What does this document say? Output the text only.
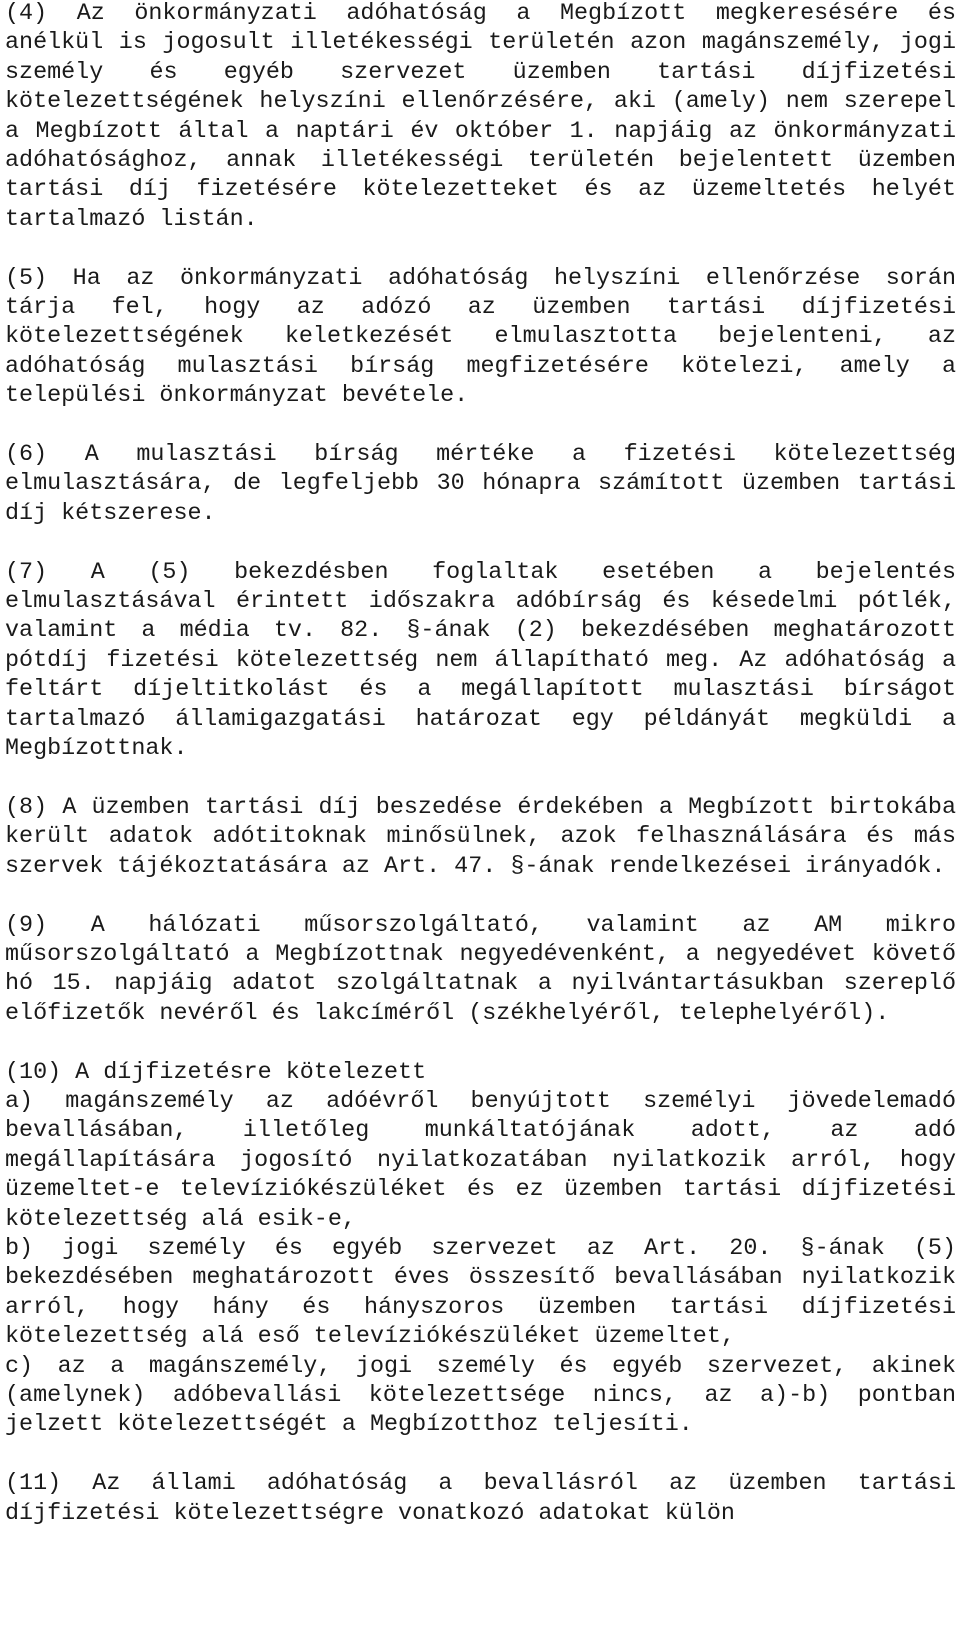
(4) Az önkormányzati adóhatóság a Megbízott megkeresésére és anélkül is jogosult illetékességi területén azon magánszemély, jogi személy és egyéb szervezet üzemben tartási díjfizetési kötelezettségének helyszíni ellenőrzésére, aki (amely) nem szerepel a Megbízott által a naptári év október 1. napjáig az önkormányzati adóhatósághoz, annak illetékességi területén bejelentett üzemben tartási díj fizetésére kötelezetteket és az üzemeltetés helyét tartalmazó listán.

(5) Ha az önkormányzati adóhatóság helyszíni ellenőrzése során tárja fel, hogy az adózó az üzemben tartási díjfizetési kötelezettségének keletkezését elmulasztotta bejelenteni, az adóhatóság mulasztási bírság megfizetésére kötelezi, amely a települési önkormányzat bevétele.

(6) A mulasztási bírság mértéke a fizetési kötelezettség elmulasztására, de legfeljebb 30 hónapra számított üzemben tartási díj kétszerese.

(7) A (5) bekezdésben foglaltak esetében a bejelentés elmulasztásával érintett időszakra adóbírság és késedelmi pótlék, valamint a média tv. 82. §-ának (2) bekezdésében meghatározott pótdíj fizetési kötelezettség nem állapítható meg. Az adóhatóság a feltárt díjeltitkolást és a megállapított mulasztási bírságot tartalmazó államigazgatási határozat egy példányát megküldi a Megbízottnak.

(8) A üzemben tartási díj beszedése érdekében a Megbízott birtokába került adatok adótitoknak minősülnek, azok felhasználására és más szervek tájékoztatására az Art. 47. §-ának rendelkezései irányadók.

(9) A hálózati műsorszolgáltató, valamint az AM mikro műsorszolgáltató a Megbízottnak negyedévenként, a negyedévet követő hó 15. napjáig adatot szolgáltatnak a nyilvántartásukban szereplő előfizetők nevéről és lakcíméről (székhelyéről, telephelyéről).

(10) A díjfizetésre kötelezett
a) magánszemély az adóévről benyújtott személyi jövedelemadó bevallásában, illetőleg munkáltatójának adott, az adó megállapítására jogosító nyilatkozatában nyilatkozik arról, hogy üzemeltet-e televíziókészüléket és ez üzemben tartási díjfizetési kötelezettség alá esik-e,
b) jogi személy és egyéb szervezet az Art. 20. §-ának (5) bekezdésében meghatározott éves összesítő bevallásában nyilatkozik arról, hogy hány és hányszoros üzemben tartási díjfizetési kötelezettség alá eső televíziókészüléket üzemeltet,
c) az a magánszemély, jogi személy és egyéb szervezet, akinek (amelynek) adóbevallási kötelezettsége nincs, az a)-b) pontban jelzett kötelezettségét a Megbízotthoz teljesíti.

(11) Az állami adóhatóság a bevallásról az üzemben tartási díjfizetési kötelezettségre vonatkozó adatokat külön
